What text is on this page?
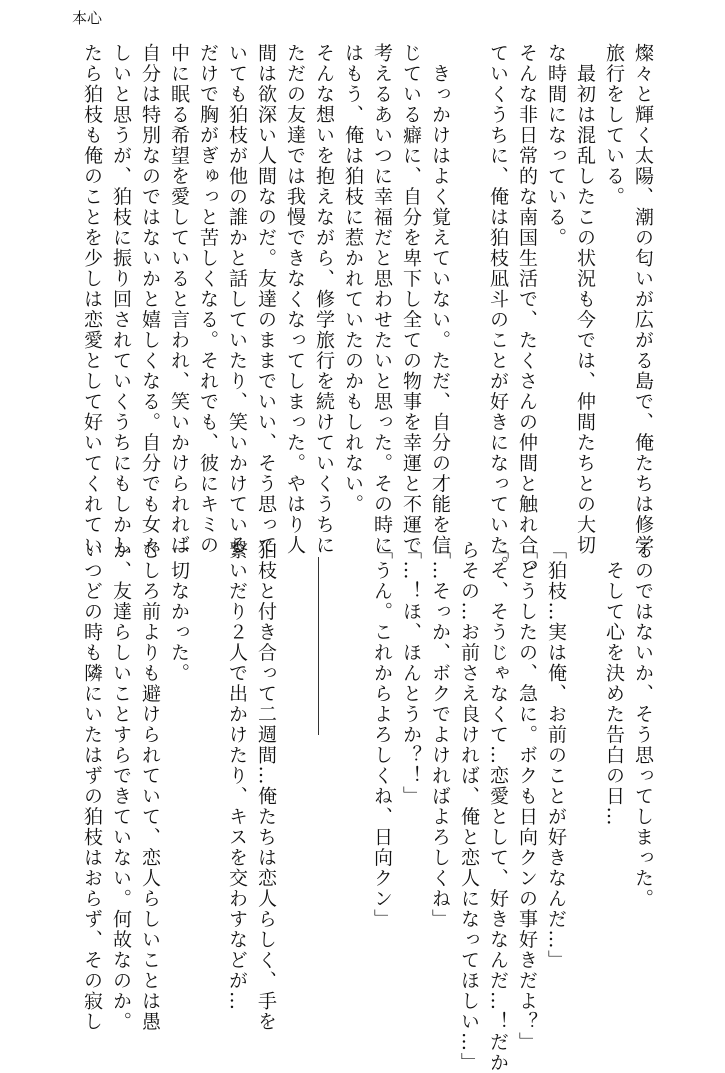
本心
燦々と輝く太陽、潮の匂いが広がる島で、俺たちは修学
旅行をしている。
　最初は混乱したこの状況も今では、仲間たちとの大切
な時間になっている。
そんな非日常的な南国生活で、たくさんの仲間と触れ合っ
ていくうちに、俺は狛枝凪斗のことが好きになっていた。

　きっかけはよく覚えていない。ただ、自分の才能を信
じている癖に、自分を卑下し全ての物事を幸運と不運で
考えるあいつに幸福だと思わせたいと思った。その時に
はもう、俺は狛枝に惹かれていたのかもしれない。
そんな想いを抱えながら、修学旅行を続けていくうちに
ただの友達では我慢できなくなってしまった。やはり人
間は欲深い人間なのだ。友達のままでいい、そう思って
いても狛枝が他の誰かと話していたり、笑いかけている
だけで胸がぎゅっと苦しくなる。それでも、彼にキミの
中に眠る希望を愛していると言われ、笑いかけられれば
自分は特別なのではないかと嬉しくなる。自分でも女々
しいと思うが、狛枝に振り回されていくうちにもしかし
たら狛枝も俺のことを少しは恋愛として好いてくれてい
るのではないか、そう思ってしまった。
　そして心を決めた告白の日…

「狛枝…実は俺、お前のことが好きなんだ…」
「どうしたの、急に。ボクも日向クンの事好きだよ？」
「そ、そうじゃなくて…恋愛として、好きなんだ…！だか
らその…お前さえ良ければ、俺と恋人になってほしい…」
「…そっか、ボクでよければよろしくね」
「…！ほ、ほんとうか？！」
「うん。これからよろしくね、日向クン」

狛枝と付き合って二週間…俺たちは恋人らしく、手を
繋いだり２人で出かけたり、キスを交わすなどが…

一切なかった。
むしろ前よりも避けられていて、恋人らしいことは愚
か、友達らしいことすらできていない。何故なのか。
いつどの時も隣にいたはずの狛枝はおらず、その寂し
